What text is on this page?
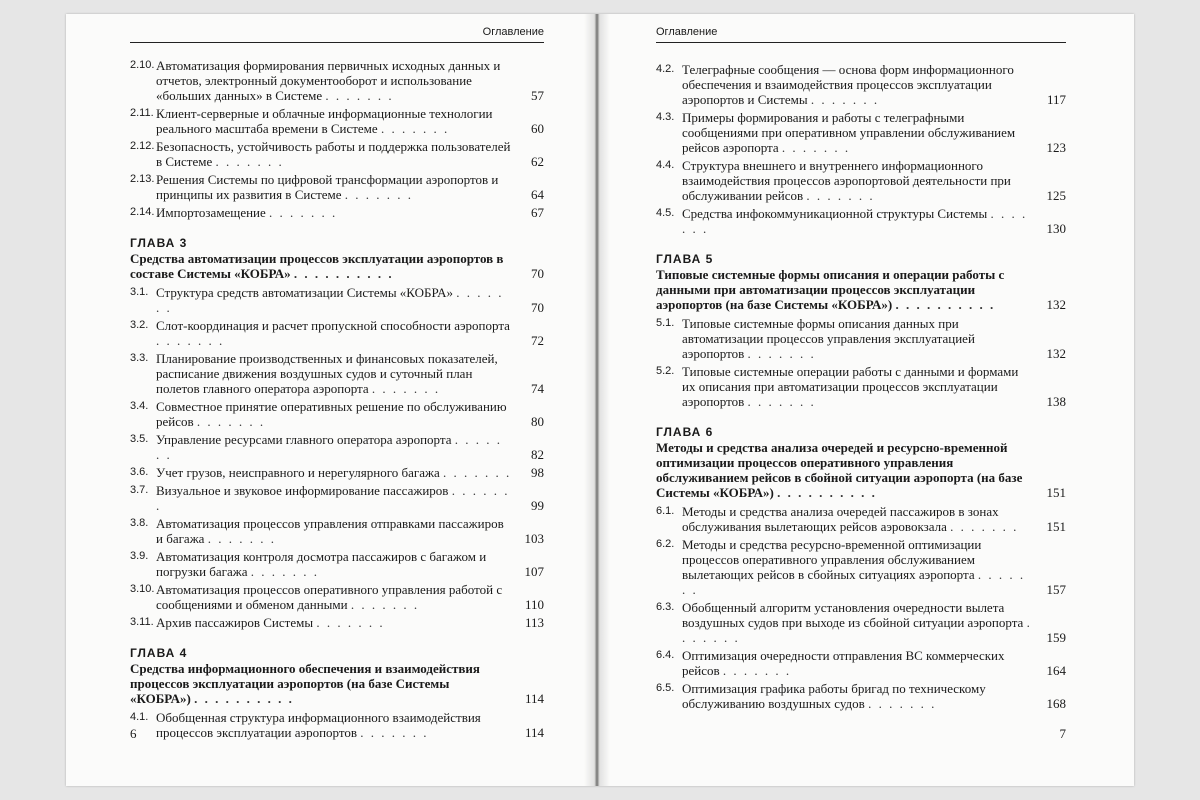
Оглавление
2.10. Автоматизация формирования первичных исходных данных и отчетов, электронный документооборот и использование «больших данных» в Системе . . . . . . .	57
2.11. Клиент-серверные и облачные информационные технологии реального масштаба времени в Системе . . . . . . .	60
2.12. Безопасность, устойчивость работы и поддержка пользователей в Системе . . . . . . .	62
2.13. Решения Системы по цифровой трансформации аэропортов и принципы их развития в Системе . . . . . . .	64
2.14. Импортозамещение . . . . . . .	67
ГЛАВА 3
Средства автоматизации процессов эксплуатации аэропортов в составе Системы «КОБРА» . . . . . . . . . .	70
3.1. Структура средств автоматизации Системы «КОБРА» . . . . . . .	70
3.2. Слот-координация и расчет пропускной способности аэропорта . . . . . . .	72
3.3. Планирование производственных и финансовых показателей, расписание движения воздушных судов и суточный план полетов главного оператора аэропорта . . . . . . .	74
3.4. Совместное принятие оперативных решение по обслуживанию рейсов . . . . . . .	80
3.5. Управление ресурсами главного оператора аэропорта . . . . . . .	82
3.6. Учет грузов, неисправного и нерегулярного багажа . . . . . . .	98
3.7. Визуальное и звуковое информирование пассажиров . . . . . . .	99
3.8. Автоматизация процессов управления отправками пассажиров и багажа . . . . . . .	103
3.9. Автоматизация контроля досмотра пассажиров с багажом и погрузки багажа . . . . . . .	107
3.10. Автоматизация процессов оперативного управления работой с сообщениями и обменом данными . . . . . . .	110
3.11. Архив пассажиров Системы . . . . . . .	113
ГЛАВА 4
Средства информационного обеспечения и взаимодействия процессов эксплуатации аэропортов (на базе Системы «КОБРА») . . . . . . . . . .	114
4.1. Обобщенная структура информационного взаимодействия процессов эксплуатации аэропортов . . . . . . .	114
6
Оглавление
4.2. Телеграфные сообщения — основа форм информационного обеспечения и взаимодействия процессов эксплуатации аэропортов и Системы . . . . . . .	117
4.3. Примеры формирования и работы с телеграфными сообщениями при оперативном управлении обслуживанием рейсов аэропорта . . . . . . .	123
4.4. Структура внешнего и внутреннего информационного взаимодействия процессов аэропортовой деятельности при обслуживании рейсов . . . . . . .	125
4.5. Средства инфокоммуникационной структуры Системы . . . . . . .	130
ГЛАВА 5
Типовые системные формы описания и операции работы с данными при автоматизации процессов эксплуатации аэропортов (на базе Системы «КОБРА») . . . . . . . . . .	132
5.1. Типовые системные формы описания данных при автоматизации процессов управления эксплуатацией аэропортов . . . . . . .	132
5.2. Типовые системные операции работы с данными и формами их описания при автоматизации процессов эксплуатации аэропортов . . . . . . .	138
ГЛАВА 6
Методы и средства анализа очередей и ресурсно-временной оптимизации процессов оперативного управления обслуживанием рейсов в сбойной ситуации аэропорта (на базе Системы «КОБРА») . . . . . . . . . .	151
6.1. Методы и средства анализа очередей пассажиров в зонах обслуживания вылетающих рейсов аэровокзала . . . . . . .	151
6.2. Методы и средства ресурсно-временной оптимизации процессов оперативного управления обслуживанием вылетающих рейсов в сбойных ситуациях аэропорта . . . . . . .	157
6.3. Обобщенный алгоритм установления очередности вылета воздушных судов при выходе из сбойной ситуации аэропорта . . . . . . .	159
6.4. Оптимизация очередности отправления ВС коммерческих рейсов . . . . . . .	164
6.5. Оптимизация графика работы бригад по техническому обслуживанию воздушных судов . . . . . . .	168
7
